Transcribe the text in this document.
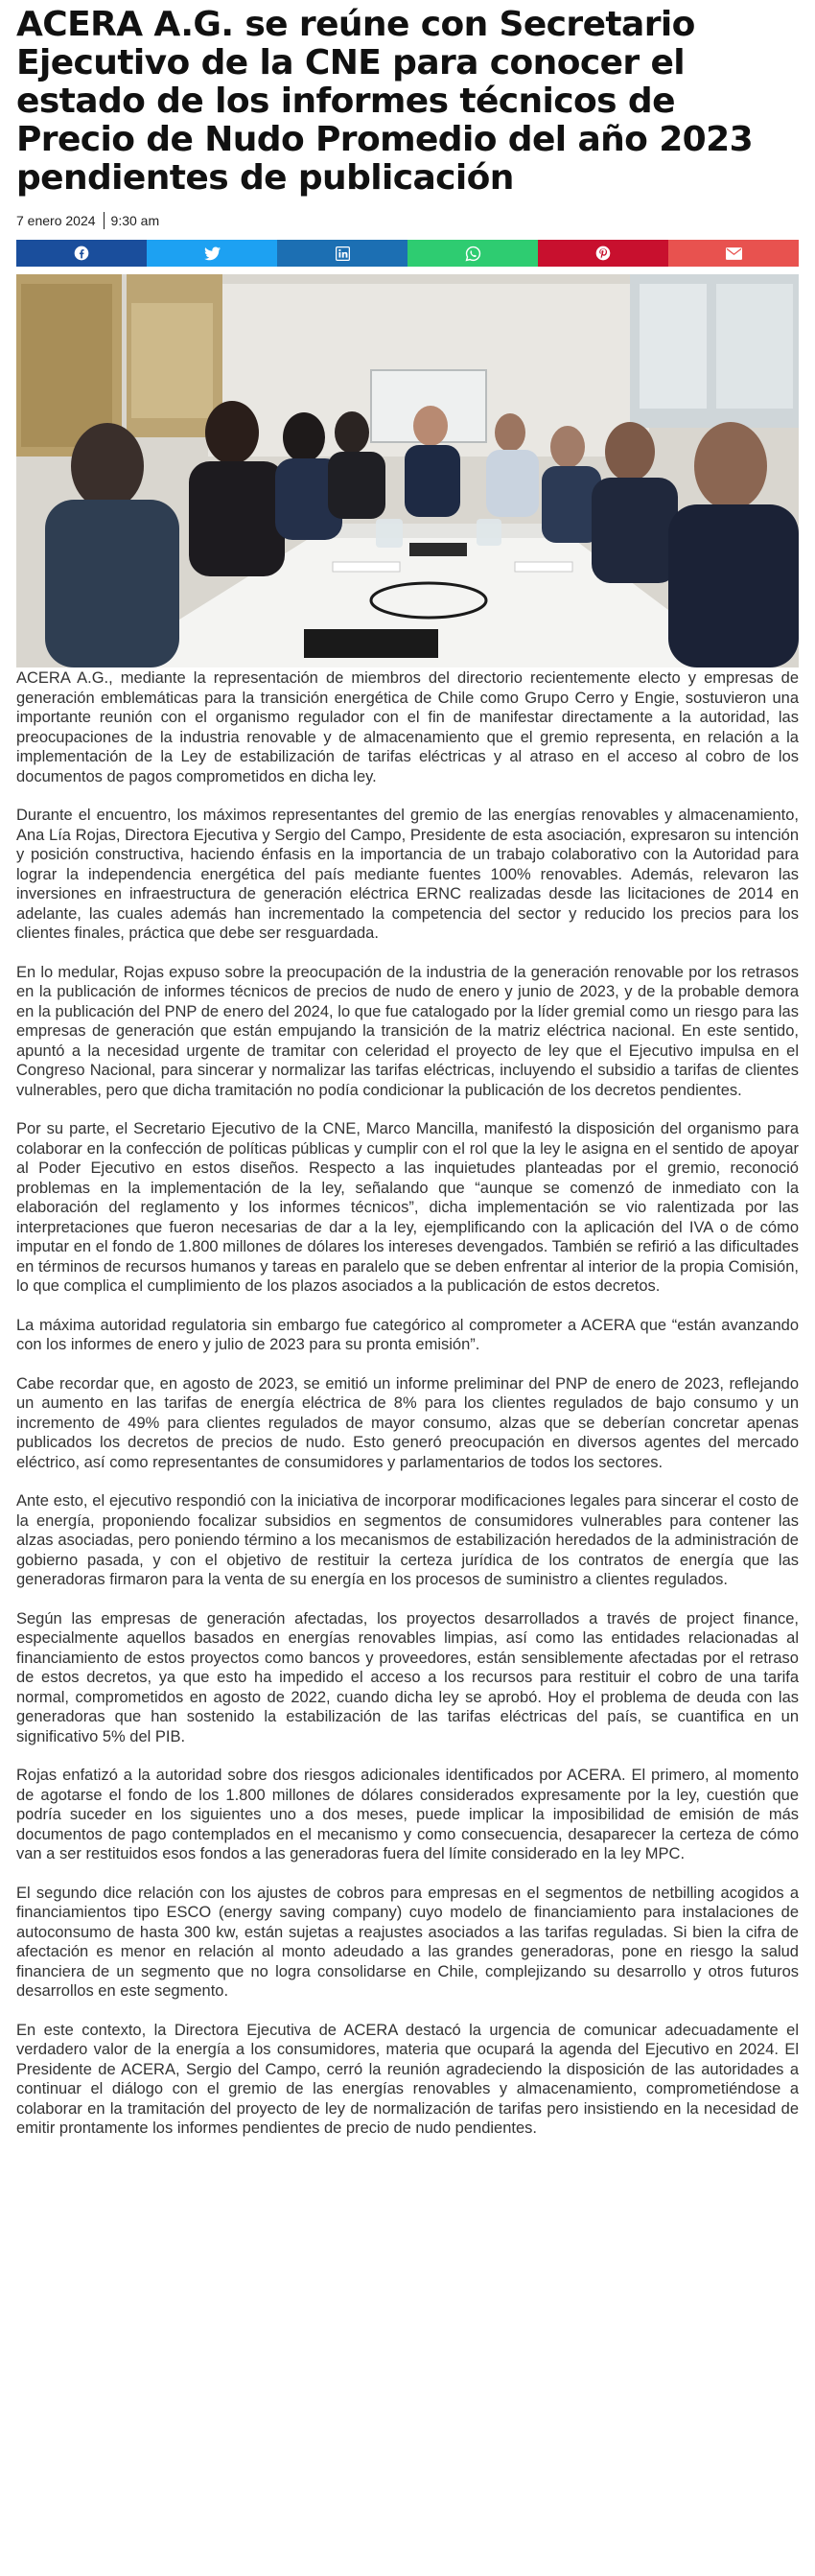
ACERA A.G. se reúne con Secretario Ejecutivo de la CNE para conocer el estado de los informes técnicos de Precio de Nudo Promedio del año 2023 pendientes de publicación
7 enero 2024 9:30 am

ACERA A.G., mediante la representación de miembros del directorio recientemente electo y empresas de generación emblemáticas para la transición energética de Chile como Grupo Cerro y Engie, sostuvieron una importante reunión con el organismo regulador con el fin de manifestar directamente a la autoridad, las preocupaciones de la industria renovable y de almacenamiento que el gremio representa, en relación a la implementación de la Ley de estabilización de tarifas eléctricas y al atraso en el acceso al cobro de los documentos de pagos comprometidos en dicha ley.

Durante el encuentro, los máximos representantes del gremio de las energías renovables y almacenamiento, Ana Lía Rojas, Directora Ejecutiva y Sergio del Campo, Presidente de esta asociación, expresaron su intención y posición constructiva, haciendo énfasis en la importancia de un trabajo colaborativo con la Autoridad para lograr la independencia energética del país mediante fuentes 100% renovables. Además, relevaron las inversiones en infraestructura de generación eléctrica ERNC realizadas desde las licitaciones de 2014 en adelante, las cuales además han incrementado la competencia del sector y reducido los precios para los clientes finales, práctica que debe ser resguardada.

En lo medular, Rojas expuso sobre la preocupación de la industria de la generación renovable por los retrasos en la publicación de informes técnicos de precios de nudo de enero y junio de 2023, y de la probable demora en la publicación del PNP de enero del 2024, lo que fue catalogado por la líder gremial como un riesgo para las empresas de generación que están empujando la transición de la matriz eléctrica nacional. En este sentido, apuntó a la necesidad urgente de tramitar con celeridad el proyecto de ley que el Ejecutivo impulsa en el Congreso Nacional, para sincerar y normalizar las tarifas eléctricas, incluyendo el subsidio a tarifas de clientes vulnerables, pero que dicha tramitación no podía condicionar la publicación de los decretos pendientes.

Por su parte, el Secretario Ejecutivo de la CNE, Marco Mancilla, manifestó la disposición del organismo para colaborar en la confección de políticas públicas y cumplir con el rol que la ley le asigna en el sentido de apoyar al Poder Ejecutivo en estos diseños. Respecto a las inquietudes planteadas por el gremio, reconoció problemas en la implementación de la ley, señalando que “aunque se comenzó de inmediato con la elaboración del reglamento y los informes técnicos”, dicha implementación se vio ralentizada por las interpretaciones que fueron necesarias de dar a la ley, ejemplificando con la aplicación del IVA o de cómo imputar en el fondo de 1.800 millones de dólares los intereses devengados. También se refirió a las dificultades en términos de recursos humanos y tareas en paralelo que se deben enfrentar al interior de la propia Comisión, lo que complica el cumplimiento de los plazos asociados a la publicación de estos decretos.

La máxima autoridad regulatoria sin embargo fue categórico al comprometer a ACERA que “están avanzando con los informes de enero y julio de 2023 para su pronta emisión”.

Cabe recordar que, en agosto de 2023, se emitió un informe preliminar del PNP de enero de 2023, reflejando un aumento en las tarifas de energía eléctrica de 8% para los clientes regulados de bajo consumo y un incremento de 49% para clientes regulados de mayor consumo, alzas que se deberían concretar apenas publicados los decretos de precios de nudo. Esto generó preocupación en diversos agentes del mercado eléctrico, así como representantes de consumidores y parlamentarios de todos los sectores.

Ante esto, el ejecutivo respondió con la iniciativa de incorporar modificaciones legales para sincerar el costo de la energía, proponiendo focalizar subsidios en segmentos de consumidores vulnerables para contener las alzas asociadas, pero poniendo término a los mecanismos de estabilización heredados de la administración de gobierno pasada, y con el objetivo de restituir la certeza jurídica de los contratos de energía que las generadoras firmaron para la venta de su energía en los procesos de suministro a clientes regulados.

Según las empresas de generación afectadas, los proyectos desarrollados a través de project finance, especialmente aquellos basados en energías renovables limpias, así como las entidades relacionadas al financiamiento de estos proyectos como bancos y proveedores, están sensiblemente afectadas por el retraso de estos decretos, ya que esto ha impedido el acceso a los recursos para restituir el cobro de una tarifa normal, comprometidos en agosto de 2022, cuando dicha ley se aprobó. Hoy el problema de deuda con las generadoras que han sostenido la estabilización de las tarifas eléctricas del país, se cuantifica en un significativo 5% del PIB.

Rojas enfatizó a la autoridad sobre dos riesgos adicionales identificados por ACERA. El primero, al momento de agotarse el fondo de los 1.800 millones de dólares considerados expresamente por la ley, cuestión que podría suceder en los siguientes uno a dos meses, puede implicar la imposibilidad de emisión de más documentos de pago contemplados en el mecanismo y como consecuencia, desaparecer la certeza de cómo van a ser restituidos esos fondos a las generadoras fuera del límite considerado en la ley MPC.

El segundo dice relación con los ajustes de cobros para empresas en el segmentos de netbilling acogidos a financiamientos tipo ESCO (energy saving company) cuyo modelo de financiamiento para instalaciones de autoconsumo de hasta 300 kw, están sujetas a reajustes asociados a las tarifas reguladas. Si bien la cifra de afectación es menor en relación al monto adeudado a las grandes generadoras, pone en riesgo la salud financiera de un segmento que no logra consolidarse en Chile, complejizando su desarrollo y otros futuros desarrollos en este segmento.

En este contexto, la Directora Ejecutiva de ACERA destacó la urgencia de comunicar adecuadamente el verdadero valor de la energía a los consumidores, materia que ocupará la agenda del Ejecutivo en 2024. El Presidente de ACERA, Sergio del Campo, cerró la reunión agradeciendo la disposición de las autoridades a continuar el diálogo con el gremio de las energías renovables y almacenamiento, comprometiéndose a colaborar en la tramitación del proyecto de ley de normalización de tarifas pero insistiendo en la necesidad de emitir prontamente los informes pendientes de precio de nudo pendientes.
